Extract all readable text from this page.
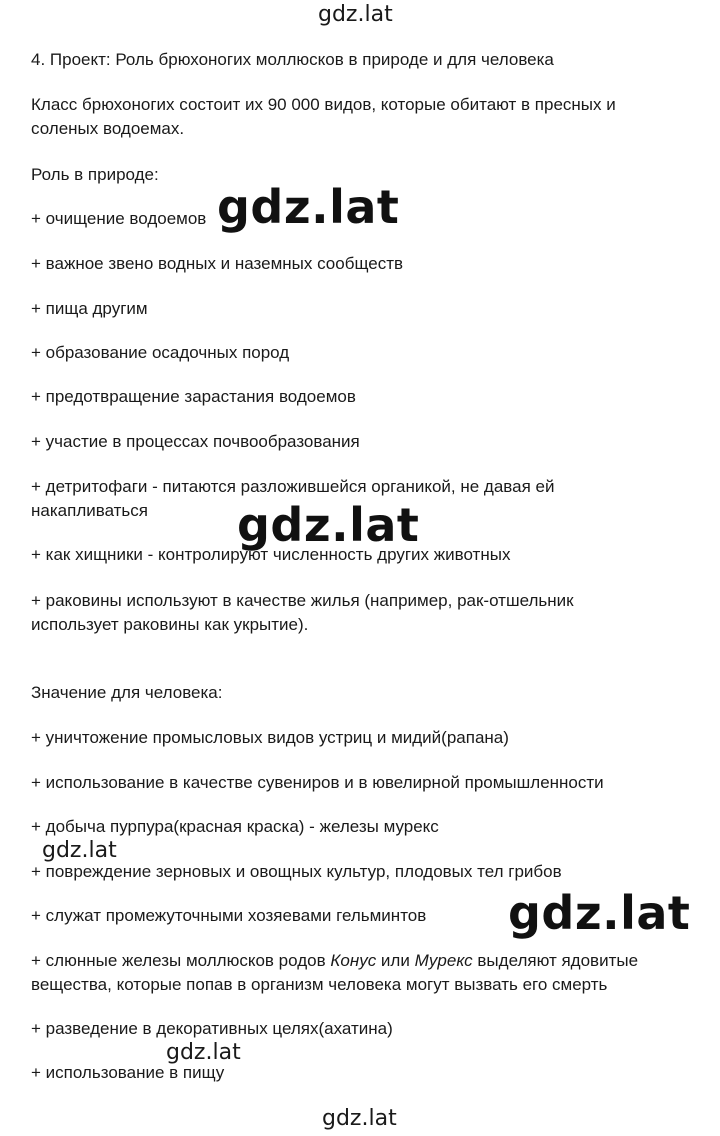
gdz.lat
4. Проект: Роль брюхоногих моллюсков в природе и для человека
Класс брюхоногих состоит их 90 000 видов, которые обитают в пресных и соленых водоемах.
Роль в природе:
+ очищение водоемов gdz.lat
+ важное звено водных и наземных сообществ
+ пища другим
+ образование осадочных пород
+ предотвращение зарастания водоемов
+ участие в процессах почвообразования
+ детритофаги - питаются разложившейся органикой, не давая ей накапливаться	gdz.lat
+ как хищники - контролируют численность других животных
+ раковины используют в качестве жилья (например, рак-отшельник использует раковины как укрытие).
Значение для человека:
+ уничтожение промысловых видов устриц и мидий(рапана)
+ использование в качестве сувениров и в ювелирной промышленности
+ добыча пурпура(красная краска) - железы мурекс
gdz.lat
+ повреждение зерновых и овощных культур, плодовых тел грибов
+ служат промежуточными хозяевами гельминтов	gdz.lat
+ слюнные железы моллюсков родов Конус или Мурекс выделяют ядовитые вещества, которые попав в организм человека могут вызвать его смерть
+ разведение в декоративных целях(ахатина)
gdz.lat
+ использование в пищу
gdz.lat
